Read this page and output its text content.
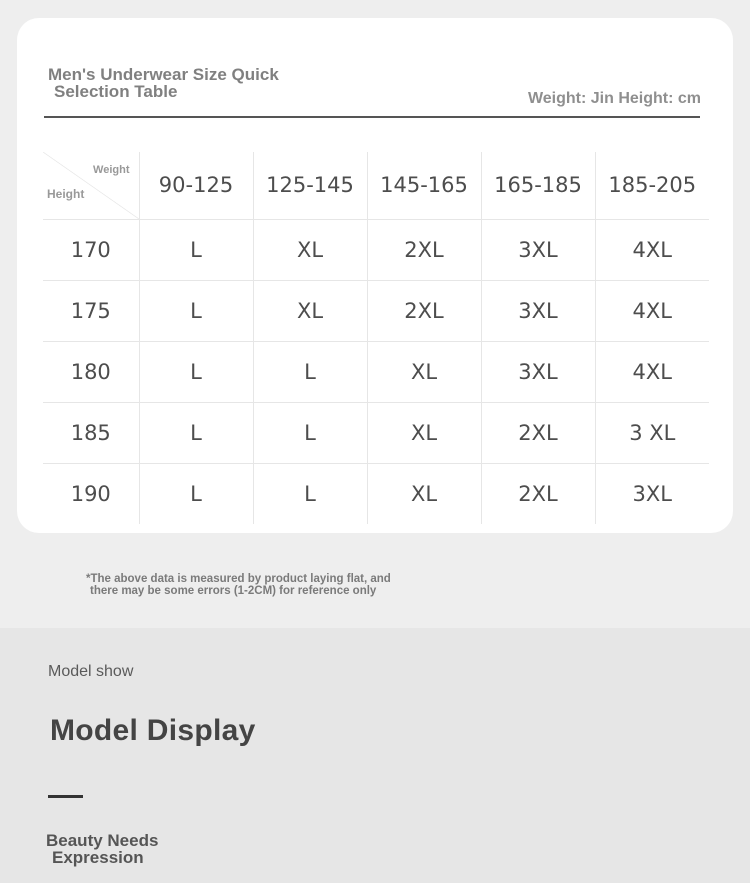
Men's Underwear Size Quick
Selection Table	Weight: Jin Height: cm
Weight
Height	90-125	125-145	145-165	165-185	185-205
170	L	XL	2XL	3XL	4XL
175	L	XL	2XL	3XL	4XL
180	L	L	XL	3XL	4XL
185	L	L	XL	2XL	3 XL
190	L	L	XL	2XL	3XL
*The above data is measured by product laying flat, and
there may be some errors (1-2CM) for reference only
Model show
Model Display
Beauty Needs
Expression
